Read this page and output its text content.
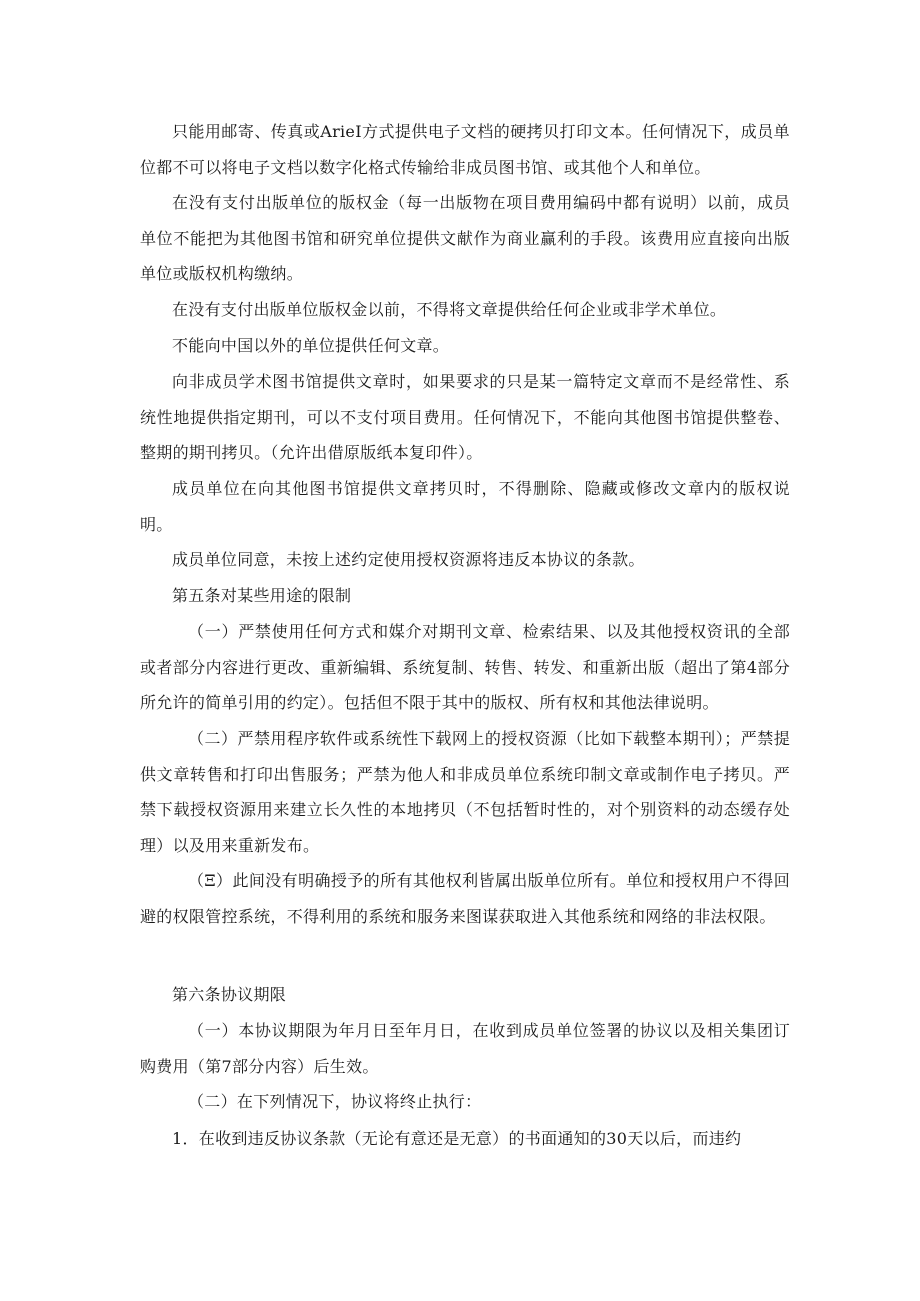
只能用邮寄、传真或ArieI方式提供电子文档的硬拷贝打印文本。任何情况下，成员单位都不可以将电子文档以数字化格式传输给非成员图书馆、或其他个人和单位。

在没有支付出版单位的版权金（每一出版物在项目费用编码中都有说明）以前，成员单位不能把为其他图书馆和研究单位提供文献作为商业赢利的手段。该费用应直接向出版单位或版权机构缴纳。

在没有支付出版单位版权金以前，不得将文章提供给任何企业或非学术单位。

不能向中国以外的单位提供任何文章。

向非成员学术图书馆提供文章时，如果要求的只是某一篇特定文章而不是经常性、系统性地提供指定期刊，可以不支付项目费用。任何情况下，不能向其他图书馆提供整卷、整期的期刊拷贝。（允许出借原版纸本复印件）。

成员单位在向其他图书馆提供文章拷贝时，不得删除、隐藏或修改文章内的版权说明。

成员单位同意，未按上述约定使用授权资源将违反本协议的条款。

第五条对某些用途的限制

（一）严禁使用任何方式和媒介对期刊文章、检索结果、以及其他授权资讯的全部或者部分内容进行更改、重新编辑、系统复制、转售、转发、和重新出版（超出了第4部分所允许的简单引用的约定）。包括但不限于其中的版权、所有权和其他法律说明。

（二）严禁用程序软件或系统性下载网上的授权资源（比如下载整本期刊）；严禁提供文章转售和打印出售服务；严禁为他人和非成员单位系统印制文章或制作电子拷贝。严禁下载授权资源用来建立长久性的本地拷贝（不包括暂时性的，对个别资料的动态缓存处理）以及用来重新发布。

（Ξ）此间没有明确授予的所有其他权利皆属出版单位所有。单位和授权用户不得回避的权限管控系统，不得利用的系统和服务来图谋获取进入其他系统和网络的非法权限。

第六条协议期限

（一）本协议期限为年月日至年月日，在收到成员单位签署的协议以及相关集团订购费用（第7部分内容）后生效。

（二）在下列情况下，协议将终止执行：

1．在收到违反协议条款（无论有意还是无意）的书面通知的30天以后，而违约
